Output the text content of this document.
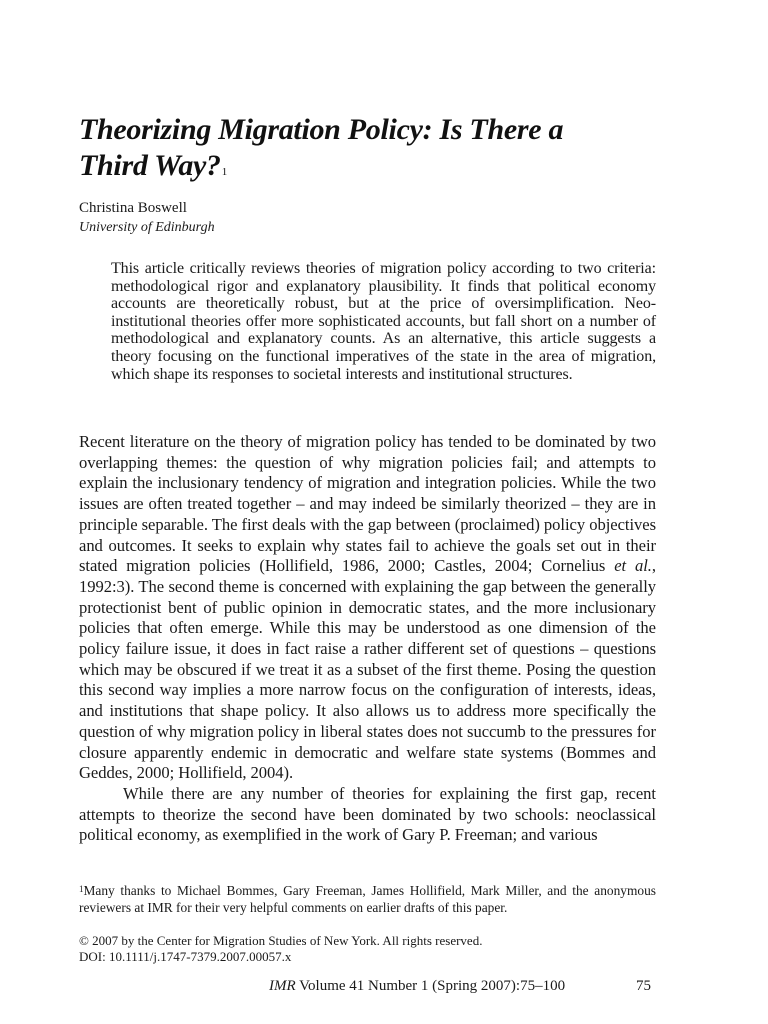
Theorizing Migration Policy: Is There a
Third Way?$^1$

Christina Boswell

University of Edinburgh

This article critically reviews theories of migration policy according to two criteria: methodological rigor and explanatory plausibility. It finds that political economy accounts are theoretically robust, but at the price of oversimplification. Neo-institutional theories offer more sophisticated accounts, but fall short on a number of methodological and explanatory counts. As an alternative, this article suggests a theory focusing on the functional imperatives of the state in the area of migration, which shape its responses to societal interests and institutional structures.

Recent literature on the theory of migration policy has tended to be dominated by two overlapping themes: the question of why migration policies fail; and attempts to explain the inclusionary tendency of migration and integration policies. While the two issues are often treated together – and may indeed be similarly theorized – they are in principle separable. The first deals with the gap between (proclaimed) policy objectives and outcomes. It seeks to explain why states fail to achieve the goals set out in their stated migration policies (Hollifield, 1986, 2000; Castles, 2004; Cornelius et al., 1992:3). The second theme is concerned with explaining the gap between the generally protectionist bent of public opinion in democratic states, and the more inclusionary policies that often emerge. While this may be understood as one dimension of the policy failure issue, it does in fact raise a rather different set of questions – questions which may be obscured if we treat it as a subset of the first theme. Posing the question this second way implies a more narrow focus on the configuration of interests, ideas, and institutions that shape policy. It also allows us to address more specifically the question of why migration policy in liberal states does not succumb to the pressures for closure apparently endemic in democratic and welfare state systems (Bommes and Geddes, 2000; Hollifield, 2004).

While there are any number of theories for explaining the first gap, recent attempts to theorize the second have been dominated by two schools: neoclassical political economy, as exemplified in the work of Gary P. Freeman; and various

$^1$Many thanks to Michael Bommes, Gary Freeman, James Hollifield, Mark Miller, and the anonymous reviewers at IMR for their very helpful comments on earlier drafts of this paper.

© 2007 by the Center for Migration Studies of New York. All rights reserved.

DOI: 10.1111/j.1747-7379.2007.00057.x

IMR Volume 41 Number 1 (Spring 2007):75–100	75
